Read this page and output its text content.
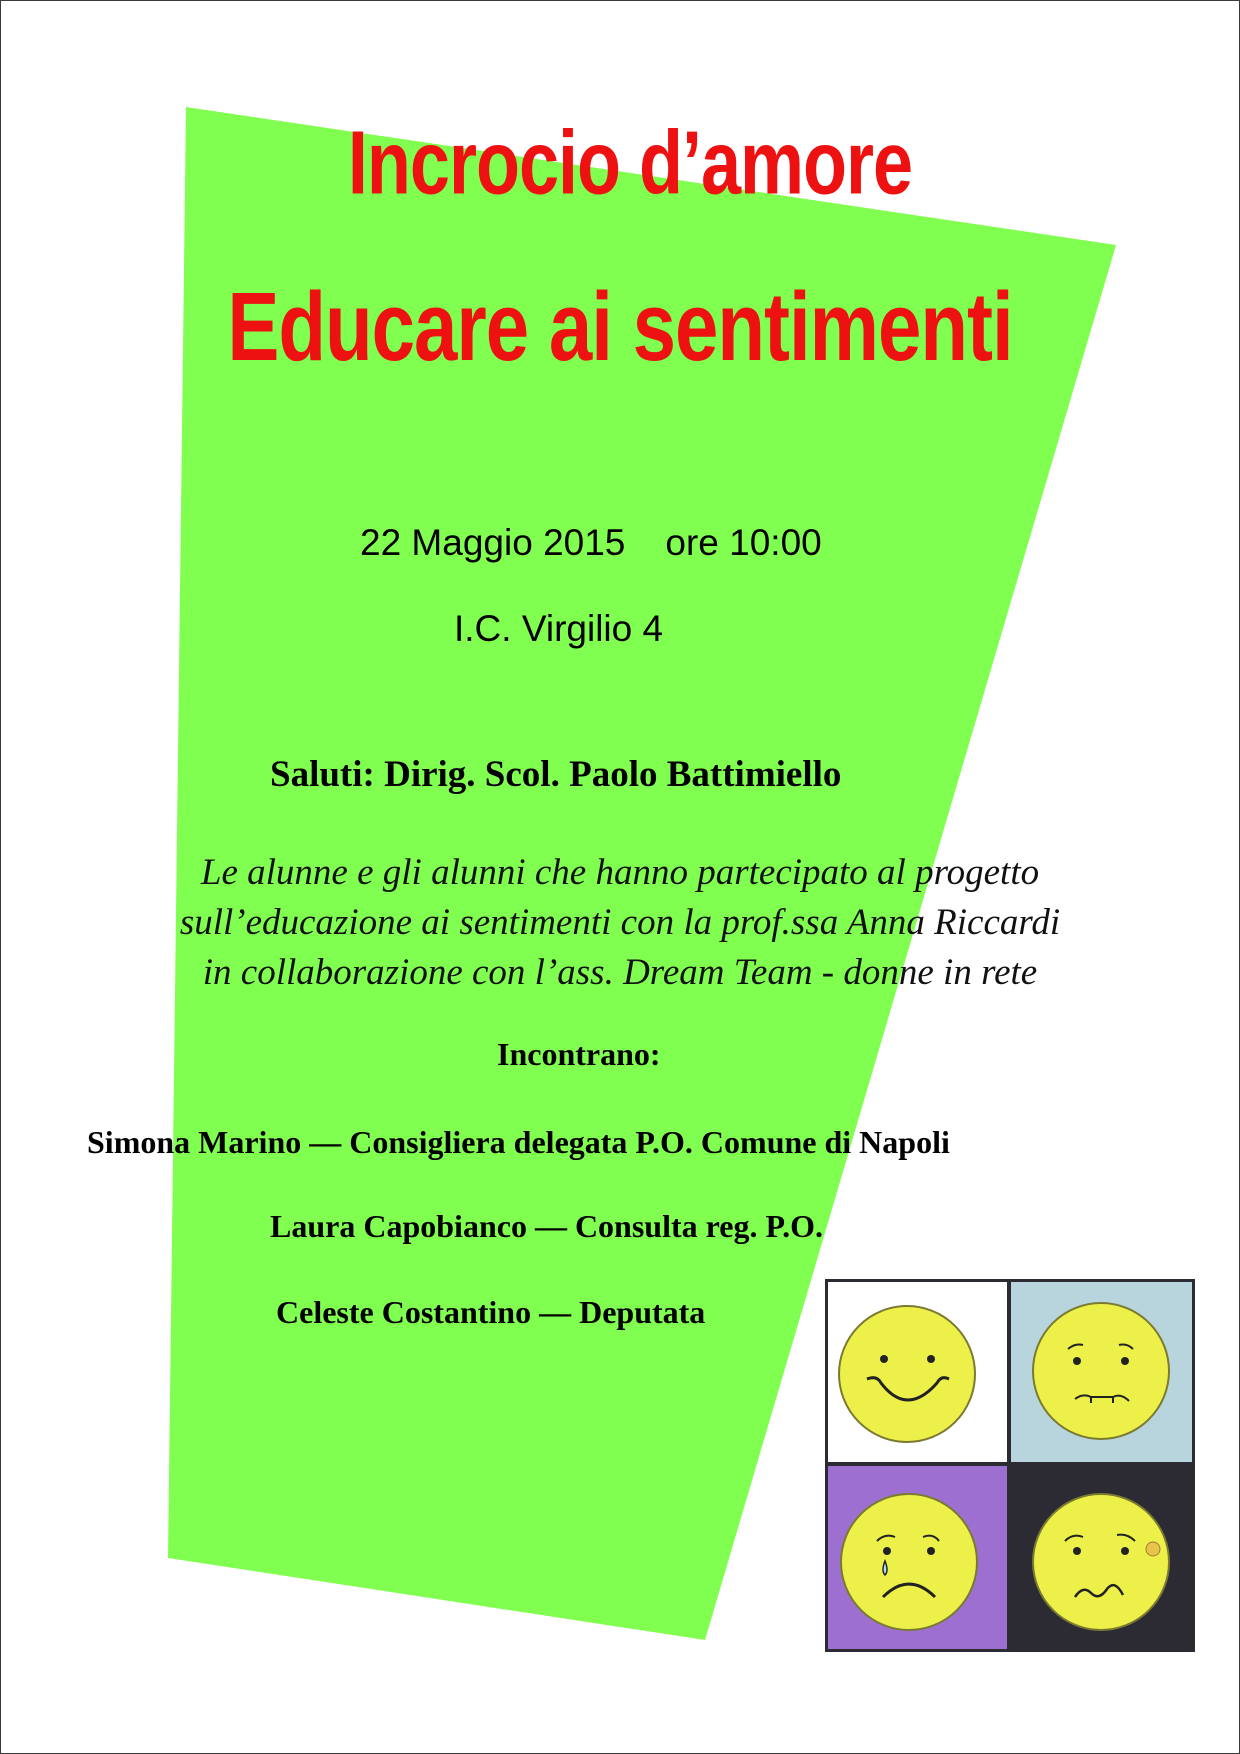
Incrocio d’amore
Educare ai sentimenti
22 Maggio 2015 ore 10:00
I.C. Virgilio 4
Saluti: Dirig. Scol. Paolo Battimiello
Le alunne e gli alunni che hanno partecipato al progetto
sull’educazione ai sentimenti con la prof.ssa Anna Riccardi
in collaborazione con l’ass. Dream Team - donne in rete
Incontrano:
Simona Marino — Consigliera delegata P.O. Comune di Napoli
Laura Capobianco — Consulta reg. P.O.
Celeste Costantino — Deputata
